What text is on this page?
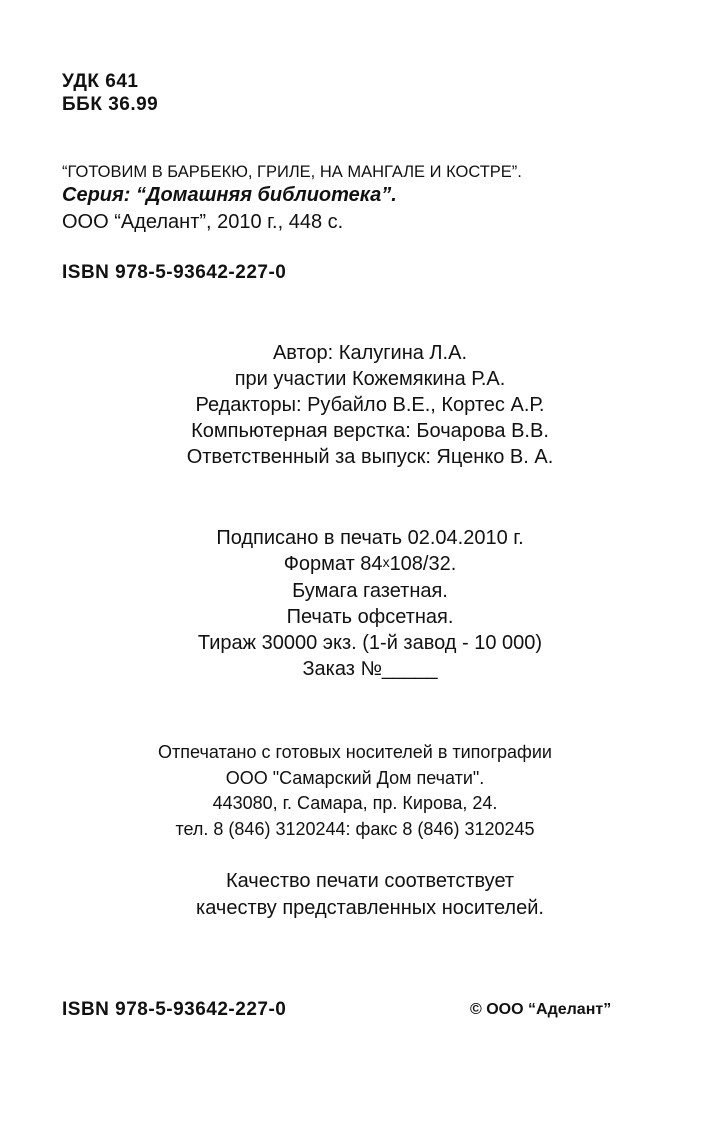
УДК 641

ББК 36.99

“ГОТОВИМ В БАРБЕКЮ, ГРИЛЕ, НА МАНГАЛЕ И КОСТРЕ”.

Серия: “Домашняя библиотека”.

ООО “Аделант”, 2010 г., 448 с.

ISBN 978-5-93642-227-0

Автор: Калугина Л.А.
при участии Кожемякина Р.А.
Редакторы: Рубайло В.Е., Кортес А.Р.
Компьютерная верстка: Бочарова В.В.
Ответственный за выпуск: Яценко В. А.
Подписано в печать 02.04.2010 г.
Формат 84x108/32.
Бумага газетная.
Печать офсетная.
Тираж 30000 экз. (1-й завод - 10 000)
Заказ №_____
Отпечатано с готовых носителей в типографии
ООО "Самарский Дом печати".
443080, г. Самара, пр. Кирова, 24.
тел. 8 (846) 3120244: факс 8 (846) 3120245
Качество печати соответствует
качеству представленных носителей.

ISBN 978-5-93642-227-0	© ООО “Аделант”
